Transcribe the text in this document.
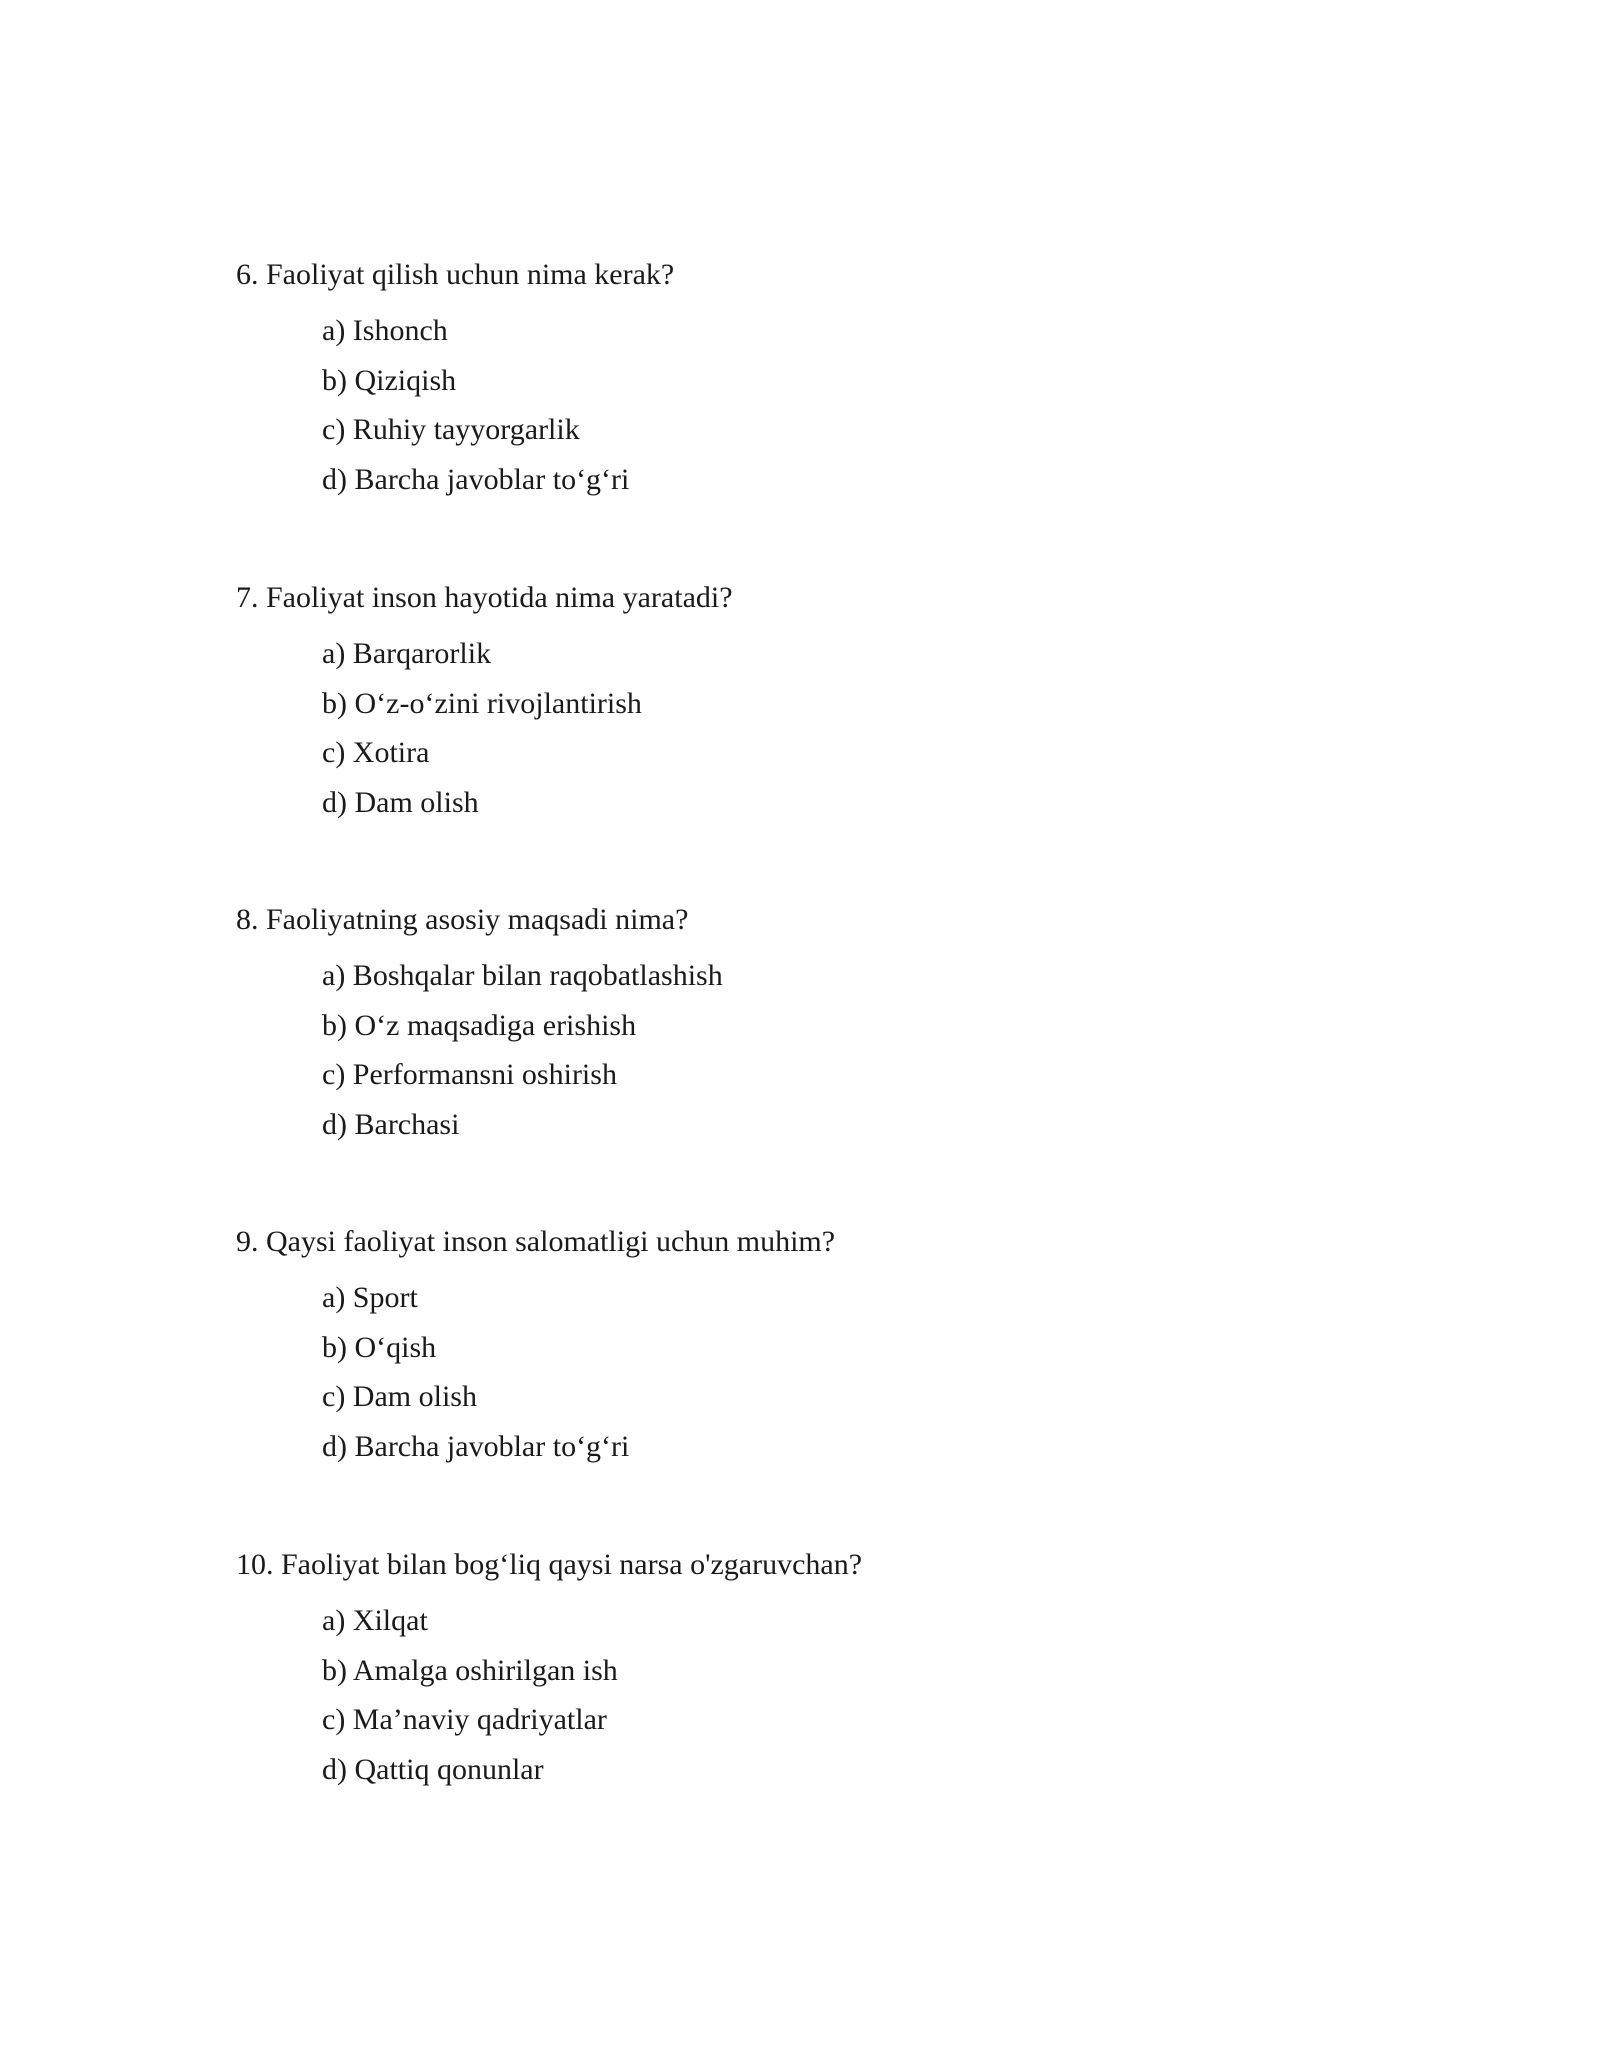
6. Faoliyat qilish uchun nima kerak?

a) Ishonch
b) Qiziqish
c) Ruhiy tayyorgarlik
d) Barcha javoblar to‘g‘ri

7. Faoliyat inson hayotida nima yaratadi?

a) Barqarorlik
b) O‘z-o‘zini rivojlantirish
c) Xotira
d) Dam olish

8. Faoliyatning asosiy maqsadi nima?

a) Boshqalar bilan raqobatlashish
b) O‘z maqsadiga erishish
c) Performansni oshirish
d) Barchasi

9. Qaysi faoliyat inson salomatligi uchun muhim?

a) Sport
b) O‘qish
c) Dam olish
d) Barcha javoblar to‘g‘ri

10. Faoliyat bilan bog‘liq qaysi narsa o'zgaruvchan?

a) Xilqat
b) Amalga oshirilgan ish
c) Ma’naviy qadriyatlar
d) Qattiq qonunlar
